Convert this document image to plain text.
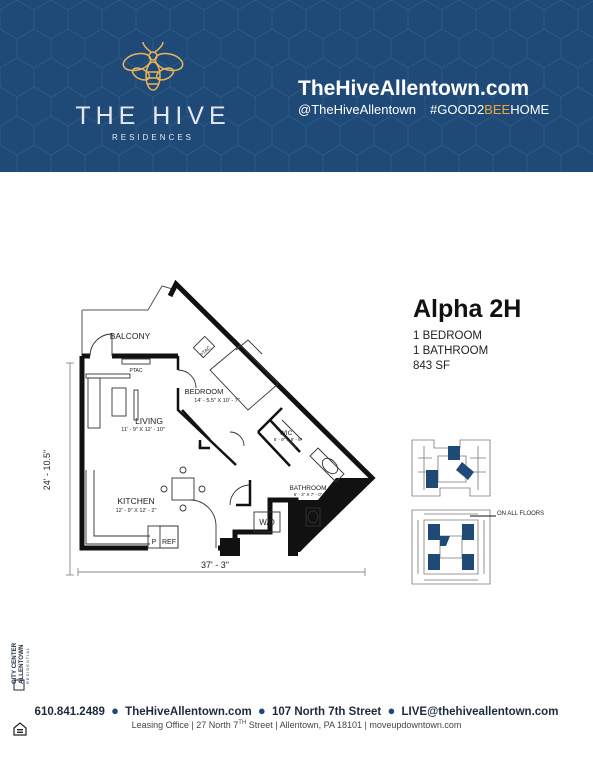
THE HIVE
RESIDENCES
TheHiveAllentown.com
@TheHiveAllentown #GOOD2BEEHOME
24' - 10.5"
37' - 3"
BALCONY
BEDROOM
14' - 5.5" X 10' - 7"
LIVING
11' - 9" X 12' - 10"	WIC
6' - 9" X 6' - 6"
KITCHEN
12' - 9" X 12' - 2"
BATHROOM
6' - 3" X 7' - 0"
PTAC
PTAC
W/D
P REF
ON ALL FLOORS
Alpha 2H
1 BEDROOM
1 BATHROOM
843 SF
CITY CENTER ALLENTOWN RESIDENTIAL
610.841.2489 ● TheHiveAllentown.com ● 107 North 7th Street ● LIVE@thehiveallentown.com
Leasing Office | 27 North 7TH Street | Allentown, PA 18101 | moveupdowntown.com
